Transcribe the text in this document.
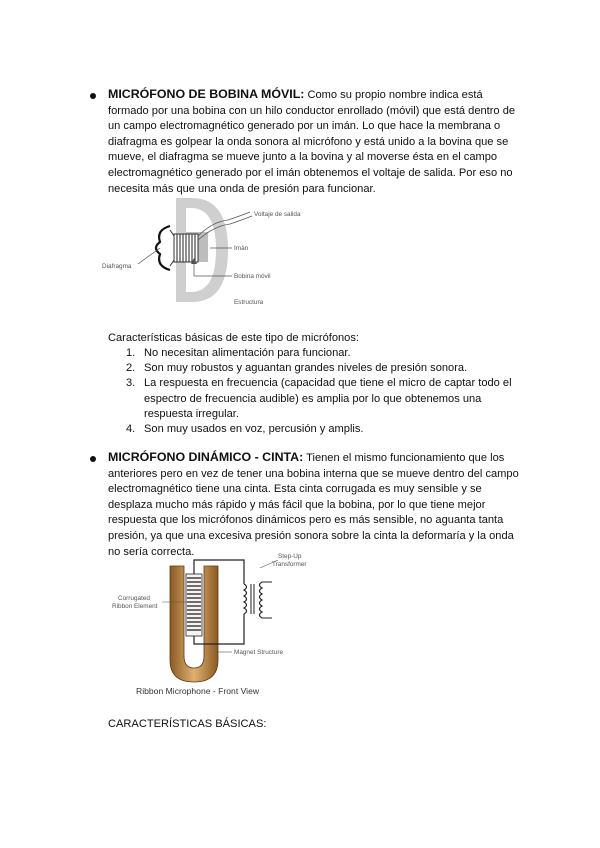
MICRÓFONO DE BOBINA MÓVIL: Como su propio nombre indica está formado por una bobina con un hilo conductor enrollado (móvil) que está dentro de un campo electromagnético generado por un imán. Lo que hace la membrana o diafragma es golpear la onda sonora al micrófono y está unido a la bovina que se mueve, el diafragma se mueve junto a la bovina y al moverse ésta en el campo electromagnético generado por el imán obtenemos el voltaje de salida. Por eso no necesita más que una onda de presión para funcionar.

Voltaje de salida
Imán
Bobina móvil
Diafragma
Estructura

Características básicas de este tipo de micrófonos:

1. No necesitan alimentación para funcionar.
2. Son muy robustos y aguantan grandes niveles de presión sonora.
3. La respuesta en frecuencia (capacidad que tiene el micro de captar todo el espectro de frecuencia audible) es amplia por lo que obtenemos una respuesta irregular.
4. Son muy usados en voz, percusión y amplis.

MICRÓFONO DINÁMICO - CINTA: Tienen el mismo funcionamiento que los anteriores pero en vez de tener una bobina interna que se mueve dentro del campo electromagnético tiene una cinta. Esta cinta corrugada es muy sensible y se desplaza mucho más rápido y más fácil que la bobina, por lo que tiene mejor respuesta que los micrófonos dinámicos pero es más sensible, no aguanta tanta presión, ya que una excesiva presión sonora sobre la cinta la deformaría y la onda no sería correcta.	Step-Up
Transformer
Corrugated
Ribbon Element
Magnet Structure
Ribbon Microphone - Front View

CARACTERÍSTICAS BÁSICAS:
